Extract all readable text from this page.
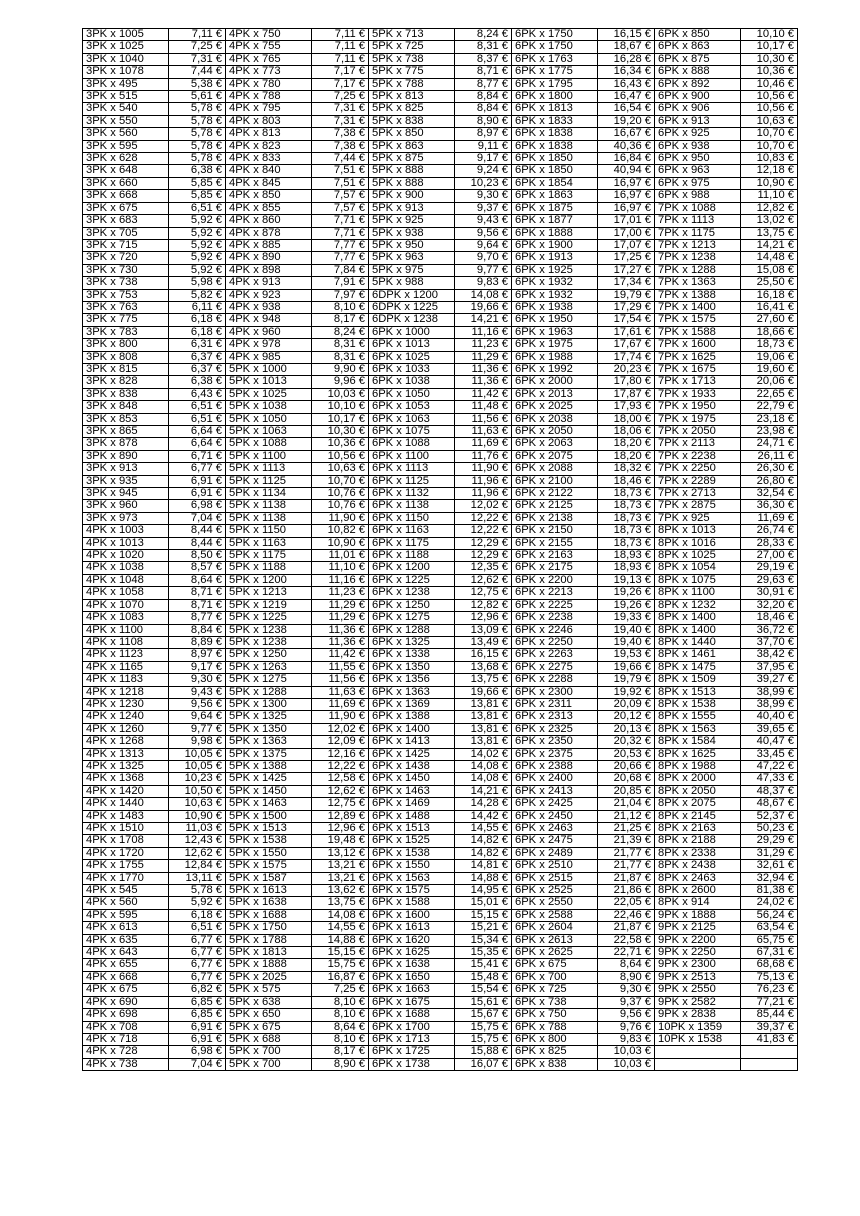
3PK x 1005	7,11 €	4PK x 750	7,11 €	5PK x 713	8,24 €	6PK x 1750	16,15 €	6PK x 850	10,10 €
3PK x 1025	7,25 €	4PK x 755	7,11 €	5PK x 725	8,31 €	6PK x 1750	18,67 €	6PK x 863	10,17 €
3PK x 1040	7,31 €	4PK x 765	7,11 €	5PK x 738	8,37 €	6PK x 1763	16,28 €	6PK x 875	10,30 €
3PK x 1078	7,44 €	4PK x 773	7,17 €	5PK x 775	8,71 €	6PK x 1775	16,34 €	6PK x 888	10,36 €
3PK x 495	5,38 €	4PK x 780	7,17 €	5PK x 788	8,77 €	6PK x 1795	16,43 €	6PK x 892	10,46 €
3PK x 515	5,61 €	4PK x 788	7,25 €	5PK x 813	8,84 €	6PK x 1800	16,47 €	6PK x 900	10,56 €
3PK x 540	5,78 €	4PK x 795	7,31 €	5PK x 825	8,84 €	6PK x 1813	16,54 €	6PK x 906	10,56 €
3PK x 550	5,78 €	4PK x 803	7,31 €	5PK x 838	8,90 €	6PK x 1833	19,20 €	6PK x 913	10,63 €
3PK x 560	5,78 €	4PK x 813	7,38 €	5PK x 850	8,97 €	6PK x 1838	16,67 €	6PK x 925	10,70 €
3PK x 595	5,78 €	4PK x 823	7,38 €	5PK x 863	9,11 €	6PK x 1838	40,36 €	6PK x 938	10,70 €
3PK x 628	5,78 €	4PK x 833	7,44 €	5PK x 875	9,17 €	6PK x 1850	16,84 €	6PK x 950	10,83 €
3PK x 648	6,38 €	4PK x 840	7,51 €	5PK x 888	9,24 €	6PK x 1850	40,94 €	6PK x 963	12,18 €
3PK x 660	5,85 €	4PK x 845	7,51 €	5PK x 888	10,23 €	6PK x 1854	16,97 €	6PK x 975	10,90 €
3PK x 668	5,85 €	4PK x 850	7,57 €	5PK x 900	9,30 €	6PK x 1863	16,97 €	6PK x 988	11,10 €
3PK x 675	6,51 €	4PK x 855	7,57 €	5PK x 913	9,37 €	6PK x 1875	16,97 €	7PK x 1088	12,82 €
3PK x 683	5,92 €	4PK x 860	7,71 €	5PK x 925	9,43 €	6PK x 1877	17,01 €	7PK x 1113	13,02 €
3PK x 705	5,92 €	4PK x 878	7,71 €	5PK x 938	9,56 €	6PK x 1888	17,00 €	7PK x 1175	13,75 €
3PK x 715	5,92 €	4PK x 885	7,77 €	5PK x 950	9,64 €	6PK x 1900	17,07 €	7PK x 1213	14,21 €
3PK x 720	5,92 €	4PK x 890	7,77 €	5PK x 963	9,70 €	6PK x 1913	17,25 €	7PK x 1238	14,48 €
3PK x 730	5,92 €	4PK x 898	7,84 €	5PK x 975	9,77 €	6PK x 1925	17,27 €	7PK x 1288	15,08 €
3PK x 738	5,98 €	4PK x 913	7,91 €	5PK x 988	9,83 €	6PK x 1932	17,34 €	7PK x 1363	25,50 €
3PK x 753	5,82 €	4PK x 923	7,97 €	6DPK x 1200	14,08 €	6PK x 1932	19,79 €	7PK x 1388	16,18 €
3PK x 763	6,11 €	4PK x 938	8,10 €	6DPK x 1225	19,66 €	6PK x 1938	17,29 €	7PK x 1400	16,41 €
3PK x 775	6,18 €	4PK x 948	8,17 €	6DPK x 1238	14,21 €	6PK x 1950	17,54 €	7PK x 1575	27,60 €
3PK x 783	6,18 €	4PK x 960	8,24 €	6PK x 1000	11,16 €	6PK x 1963	17,61 €	7PK x 1588	18,66 €
3PK x 800	6,31 €	4PK x 978	8,31 €	6PK x 1013	11,23 €	6PK x 1975	17,67 €	7PK x 1600	18,73 €
3PK x 808	6,37 €	4PK x 985	8,31 €	6PK x 1025	11,29 €	6PK x 1988	17,74 €	7PK x 1625	19,06 €
3PK x 815	6,37 €	5PK x 1000	9,90 €	6PK x 1033	11,36 €	6PK x 1992	20,23 €	7PK x 1675	19,60 €
3PK x 828	6,38 €	5PK x 1013	9,96 €	6PK x 1038	11,36 €	6PK x 2000	17,80 €	7PK x 1713	20,06 €
3PK x 838	6,43 €	5PK x 1025	10,03 €	6PK x 1050	11,42 €	6PK x 2013	17,87 €	7PK x 1933	22,65 €
3PK x 848	6,51 €	5PK x 1038	10,10 €	6PK x 1053	11,48 €	6PK x 2025	17,93 €	7PK x 1950	22,79 €
3PK x 853	6,51 €	5PK x 1050	10,17 €	6PK x 1063	11,56 €	6PK x 2038	18,00 €	7PK x 1975	23,18 €
3PK x 865	6,64 €	5PK x 1063	10,30 €	6PK x 1075	11,63 €	6PK x 2050	18,06 €	7PK x 2050	23,98 €
3PK x 878	6,64 €	5PK x 1088	10,36 €	6PK x 1088	11,69 €	6PK x 2063	18,20 €	7PK x 2113	24,71 €
3PK x 890	6,71 €	5PK x 1100	10,56 €	6PK x 1100	11,76 €	6PK x 2075	18,20 €	7PK x 2238	26,11 €
3PK x 913	6,77 €	5PK x 1113	10,63 €	6PK x 1113	11,90 €	6PK x 2088	18,32 €	7PK x 2250	26,30 €
3PK x 935	6,91 €	5PK x 1125	10,70 €	6PK x 1125	11,96 €	6PK x 2100	18,46 €	7PK x 2289	26,80 €
3PK x 945	6,91 €	5PK x 1134	10,76 €	6PK x 1132	11,96 €	6PK x 2122	18,73 €	7PK x 2713	32,54 €
3PK x 960	6,98 €	5PK x 1138	10,76 €	6PK x 1138	12,02 €	6PK x 2125	18,73 €	7PK x 2875	36,30 €
3PK x 973	7,04 €	5PK x 1138	11,90 €	6PK x 1150	12,22 €	6PK x 2138	18,73 €	7PK x 925	11,69 €
4PK x 1003	8,44 €	5PK x 1150	10,82 €	6PK x 1163	12,22 €	6PK x 2150	18,73 €	8PK x 1013	26,74 €
4PK x 1013	8,44 €	5PK x 1163	10,90 €	6PK x 1175	12,29 €	6PK x 2155	18,73 €	8PK x 1016	28,33 €
4PK x 1020	8,50 €	5PK x 1175	11,01 €	6PK x 1188	12,29 €	6PK x 2163	18,93 €	8PK x 1025	27,00 €
4PK x 1038	8,57 €	5PK x 1188	11,10 €	6PK x 1200	12,35 €	6PK x 2175	18,93 €	8PK x 1054	29,19 €
4PK x 1048	8,64 €	5PK x 1200	11,16 €	6PK x 1225	12,62 €	6PK x 2200	19,13 €	8PK x 1075	29,63 €
4PK x 1058	8,71 €	5PK x 1213	11,23 €	6PK x 1238	12,75 €	6PK x 2213	19,26 €	8PK x 1100	30,91 €
4PK x 1070	8,71 €	5PK x 1219	11,29 €	6PK x 1250	12,82 €	6PK x 2225	19,26 €	8PK x 1232	32,20 €
4PK x 1083	8,77 €	5PK x 1225	11,29 €	6PK x 1275	12,96 €	6PK x 2238	19,33 €	8PK x 1400	18,46 €
4PK x 1100	8,84 €	5PK x 1238	11,36 €	6PK x 1288	13,09 €	6PK x 2246	19,40 €	8PK x 1400	36,72 €
4PK x 1108	8,89 €	5PK x 1238	11,36 €	6PK x 1325	13,49 €	6PK x 2250	19,40 €	8PK x 1440	37,70 €
4PK x 1123	8,97 €	5PK x 1250	11,42 €	6PK x 1338	16,15 €	6PK x 2263	19,53 €	8PK x 1461	38,42 €
4PK x 1165	9,17 €	5PK x 1263	11,55 €	6PK x 1350	13,68 €	6PK x 2275	19,66 €	8PK x 1475	37,95 €
4PK x 1183	9,30 €	5PK x 1275	11,56 €	6PK x 1356	13,75 €	6PK x 2288	19,79 €	8PK x 1509	39,27 €
4PK x 1218	9,43 €	5PK x 1288	11,63 €	6PK x 1363	19,66 €	6PK x 2300	19,92 €	8PK x 1513	38,99 €
4PK x 1230	9,56 €	5PK x 1300	11,69 €	6PK x 1369	13,81 €	6PK x 2311	20,09 €	8PK x 1538	38,99 €
4PK x 1240	9,64 €	5PK x 1325	11,90 €	6PK x 1388	13,81 €	6PK x 2313	20,12 €	8PK x 1555	40,40 €
4PK x 1260	9,77 €	5PK x 1350	12,02 €	6PK x 1400	13,81 €	6PK x 2325	20,13 €	8PK x 1563	39,65 €
4PK x 1268	9,98 €	5PK x 1363	12,09 €	6PK x 1413	13,81 €	6PK x 2350	20,32 €	8PK x 1584	40,47 €
4PK x 1313	10,05 €	5PK x 1375	12,16 €	6PK x 1425	14,02 €	6PK x 2375	20,53 €	8PK x 1625	33,45 €
4PK x 1325	10,05 €	5PK x 1388	12,22 €	6PK x 1438	14,08 €	6PK x 2388	20,66 €	8PK x 1988	47,22 €
4PK x 1368	10,23 €	5PK x 1425	12,58 €	6PK x 1450	14,08 €	6PK x 2400	20,68 €	8PK x 2000	47,33 €
4PK x 1420	10,50 €	5PK x 1450	12,62 €	6PK x 1463	14,21 €	6PK x 2413	20,85 €	8PK x 2050	48,37 €
4PK x 1440	10,63 €	5PK x 1463	12,75 €	6PK x 1469	14,28 €	6PK x 2425	21,04 €	8PK x 2075	48,67 €
4PK x 1483	10,90 €	5PK x 1500	12,89 €	6PK x 1488	14,42 €	6PK x 2450	21,12 €	8PK x 2145	52,37 €
4PK x 1510	11,03 €	5PK x 1513	12,96 €	6PK x 1513	14,55 €	6PK x 2463	21,25 €	8PK x 2163	50,23 €
4PK x 1708	12,43 €	5PK x 1538	19,48 €	6PK x 1525	14,82 €	6PK x 2475	21,39 €	8PK x 2188	29,29 €
4PK x 1720	12,62 €	5PK x 1550	13,12 €	6PK x 1538	14,82 €	6PK x 2489	21,77 €	8PK x 2338	31,29 €
4PK x 1755	12,84 €	5PK x 1575	13,21 €	6PK x 1550	14,81 €	6PK x 2510	21,77 €	8PK x 2438	32,61 €
4PK x 1770	13,11 €	5PK x 1587	13,21 €	6PK x 1563	14,88 €	6PK x 2515	21,87 €	8PK x 2463	32,94 €
4PK x 545	5,78 €	5PK x 1613	13,62 €	6PK x 1575	14,95 €	6PK x 2525	21,86 €	8PK x 2600	81,38 €
4PK x 560	5,92 €	5PK x 1638	13,75 €	6PK x 1588	15,01 €	6PK x 2550	22,05 €	8PK x 914	24,02 €
4PK x 595	6,18 €	5PK x 1688	14,08 €	6PK x 1600	15,15 €	6PK x 2588	22,46 €	9PK x 1888	56,24 €
4PK x 613	6,51 €	5PK x 1750	14,55 €	6PK x 1613	15,21 €	6PK x 2604	21,87 €	9PK x 2125	63,54 €
4PK x 635	6,77 €	5PK x 1788	14,88 €	6PK x 1620	15,34 €	6PK x 2613	22,58 €	9PK x 2200	65,75 €
4PK x 643	6,77 €	5PK x 1813	15,15 €	6PK x 1625	15,35 €	6PK x 2625	22,71 €	9PK x 2250	67,31 €
4PK x 655	6,77 €	5PK x 1888	15,75 €	6PK x 1638	15,41 €	6PK x 675	8,64 €	9PK x 2300	68,68 €
4PK x 668	6,77 €	5PK x 2025	16,87 €	6PK x 1650	15,48 €	6PK x 700	8,90 €	9PK x 2513	75,13 €
4PK x 675	6,82 €	5PK x 575	7,25 €	6PK x 1663	15,54 €	6PK x 725	9,30 €	9PK x 2550	76,23 €
4PK x 690	6,85 €	5PK x 638	8,10 €	6PK x 1675	15,61 €	6PK x 738	9,37 €	9PK x 2582	77,21 €
4PK x 698	6,85 €	5PK x 650	8,10 €	6PK x 1688	15,67 €	6PK x 750	9,56 €	9PK x 2838	85,44 €
4PK x 708	6,91 €	5PK x 675	8,64 €	6PK x 1700	15,75 €	6PK x 788	9,76 €	10PK x 1359	39,37 €
4PK x 718	6,91 €	5PK x 688	8,10 €	6PK x 1713	15,75 €	6PK x 800	9,83 €	10PK x 1538	41,83 €
4PK x 728	6,98 €	5PK x 700	8,17 €	6PK x 1725	15,88 €	6PK x 825	10,03 €		
4PK x 738	7,04 €	5PK x 700	8,90 €	6PK x 1738	16,07 €	6PK x 838	10,03 €		
